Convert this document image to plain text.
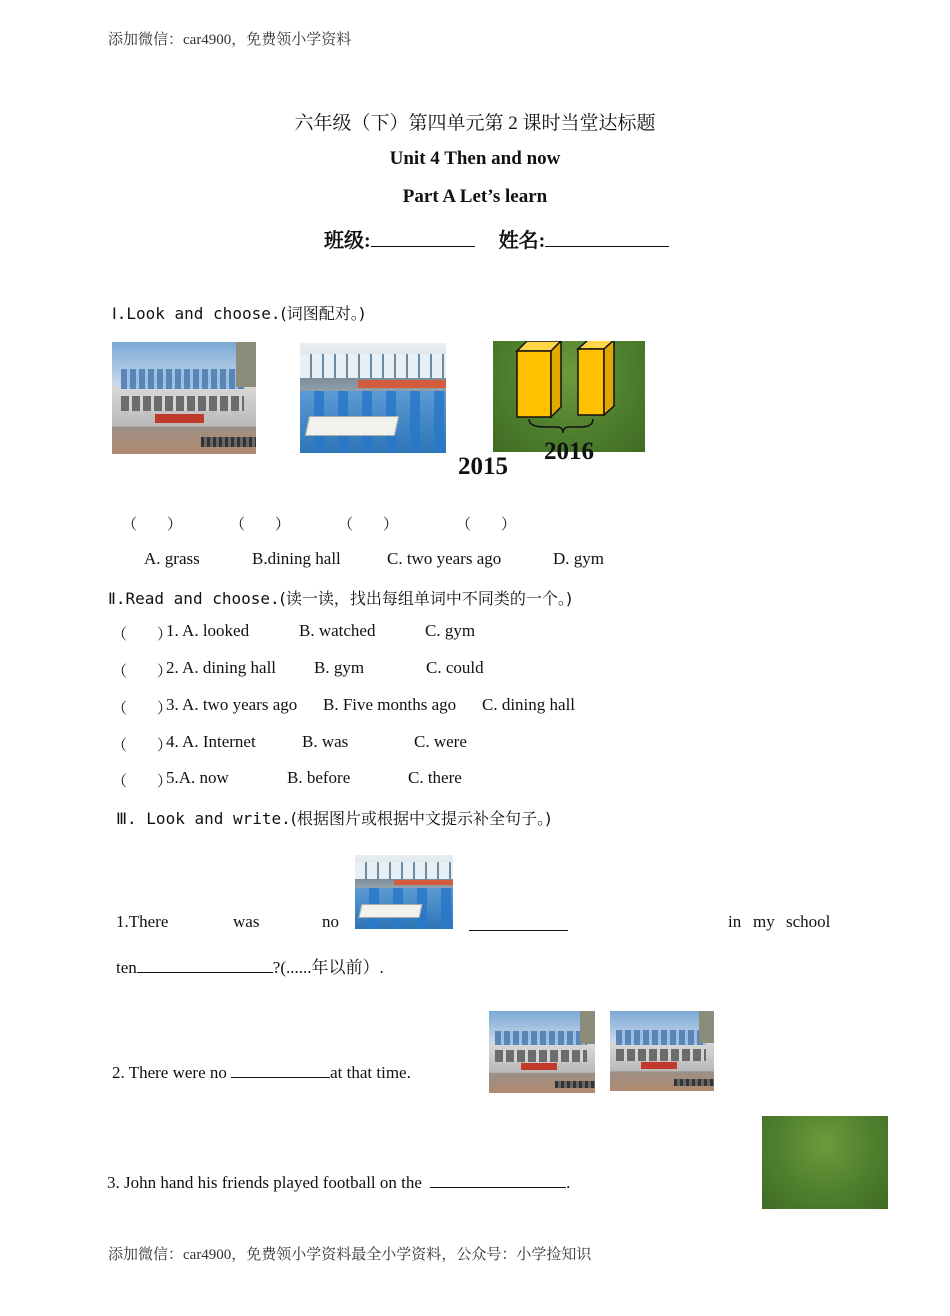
添加微信：car4900，免费领小学资料
六年级（下）第四单元第 2 课时当堂达标题
Unit 4 Then and now
Part A Let’s learn
班级:	姓名:
Ⅰ.Look and choose.(词图配对。)
2016
2015
（　　）	（　　）	（　　）	（　　）
A. grass	B.dining hall	C. two years ago	D. gym
Ⅱ.Read and choose.(读一读，找出每组单词中不同类的一个。)
（　　）
1. A. looked	B. watched	C. gym
（　　）
2. A. dining hall B. gym	C. could
（　　）
3. A. two years ago B. Five months ago C. dining hall
（　　）
4. A. Internet	B. was	C. were
（　　）
5.A. now	B. before	C. there
Ⅲ. Look and write.(根据图片或根据中文提示补全句子。)
1.There	was	no	in my school
ten	?(......年以前）.
2. There were no	at that time.
3. John hand his friends played football on the	.
添加微信：car4900，免费领小学资料最全小学资料，公众号：小学捡知识
